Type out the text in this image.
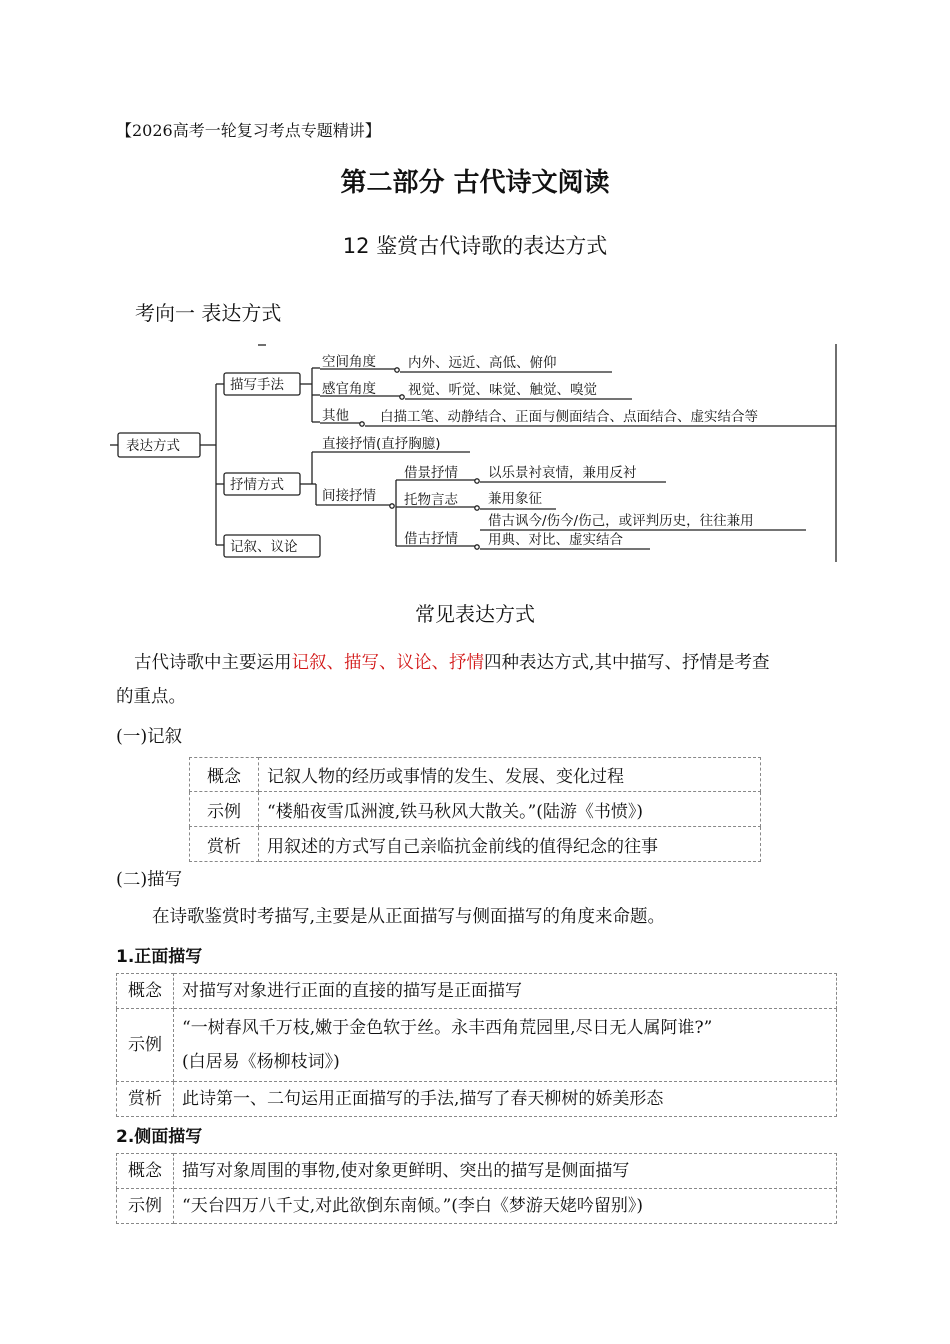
【2026高考一轮复习考点专题精讲】
第二部分 古代诗文阅读
12 鉴赏古代诗歌的表达方式
考向一 表达方式
表达方式
描写手法
空间角度 内外、远近、高低、俯仰
感官角度 视觉、听觉、味觉、触觉、嗅觉
其他 白描工笔、动静结合、正面与侧面结合、点面结合、虚实结合等
抒情方式
直接抒情(直抒胸臆)
间接抒情
借景抒情 以乐景衬哀情，兼用反衬
托物言志 兼用象征
借古抒情
借古讽今/伤今/伤己，或评判历史，往往兼用
用典、对比、虚实结合
记叙、议论
常见表达方式
古代诗歌中主要运用记叙、描写、议论、抒情四种表达方式,其中描写、抒情是考查
的重点。
(一)记叙
概念	记叙人物的经历或事情的发生、发展、变化过程
示例	“楼船夜雪瓜洲渡,铁马秋风大散关。”(陆游《书愤》)
赏析	用叙述的方式写自己亲临抗金前线的值得纪念的往事
(二)描写
在诗歌鉴赏时考描写,主要是从正面描写与侧面描写的角度来命题。
1.正面描写
概念	对描写对象进行正面的直接的描写是正面描写
示例	“一树春风千万枝,嫩于金色软于丝。永丰西角荒园里,尽日无人属阿谁?”
(白居易《杨柳枝词》)

赏析	此诗第一、二句运用正面描写的手法,描写了春天柳树的娇美形态
2.侧面描写
概念	描写对象周围的事物,使对象更鲜明、突出的描写是侧面描写
示例	“天台四万八千丈,对此欲倒东南倾。”(李白《梦游天姥吟留别》)
